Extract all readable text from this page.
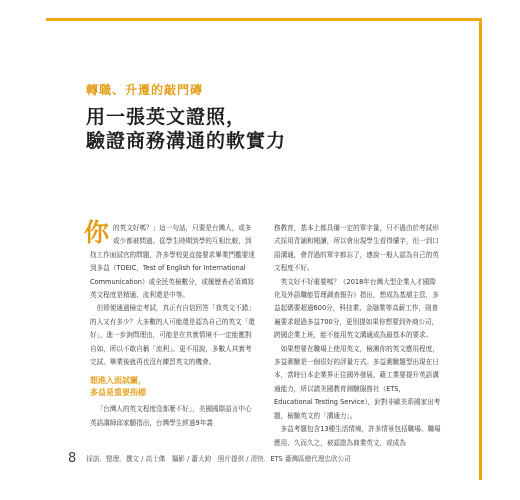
轉職、升遷的敲門磚
用一張英文證照，
驗證商務溝通的軟實力

你 的英文好嗎？」這一句話，只要是台灣人，或多或少都被問過。從學生時期到學的互相比較，到找工作面試官的問題，許多學校更直接要求畢業門檻要達到多益（TOEIC，Test of English for International Communication）或全民英檢數分，或履歷表必須填寫英文程度是精通、流利還是中等。

但即便通過檢定考試，真正有自信回答「我英文不錯」的人又有多少？大多數的人可能還是認為自己的英文「還好」，進一步詢問理由，可能是在真實情境不一定能應對自如，所以不敢自稱「流利」。更不用說，多數人其實考完試、畢業後就再也沒有練習英文的機會。

想進入面試關，
多益是重要指標

「台灣人的英文程度沒那麼不好」，美國國際語言中心英語講師邱家髓指出，台灣學生經過9年義

務教育，基本上都具備一定的單字量，只不過由於考試形式採用背誦和閱讀，所以會出現學生看得懂字，但一到口語溝通，會背過的單字都忘了，連說一般人認為自己的英文程度不好。

英文好不好重要嗎？《2018年台灣大型企業人才國際化及外語職能管理調查報告》指出，想成為基層主管，多益起碼要超過600分，科技業、金融業等高薪工作，則普遍要求超過多益700分，更別提如果你想要到外商公司，跨國企業上班，能不能用英文溝通成為最基本的要求。

如果想要在職場上使用英文，檢測你的英文應用程度，多益測驗是一個很好的評量方式。多益測驗題型出現在日本，當時日本企業界正往國外發展，藉工業要提升英語溝通能力，所以請美國教育測驗服務社（ETS，Educational Testing Service），針對非歐美系國家出考題，檢驗英文的「溝通力」。

多益考題包含13種生活情境，許多情景包括職場、職場應用、久而久之，被認證為商業英文，或成為

8 採訪．整理．撰文 / 高士傑　攝影 / 蕭大鈞　照片提供 / 清快．ETS 臺灣區總代理忠欣公司
